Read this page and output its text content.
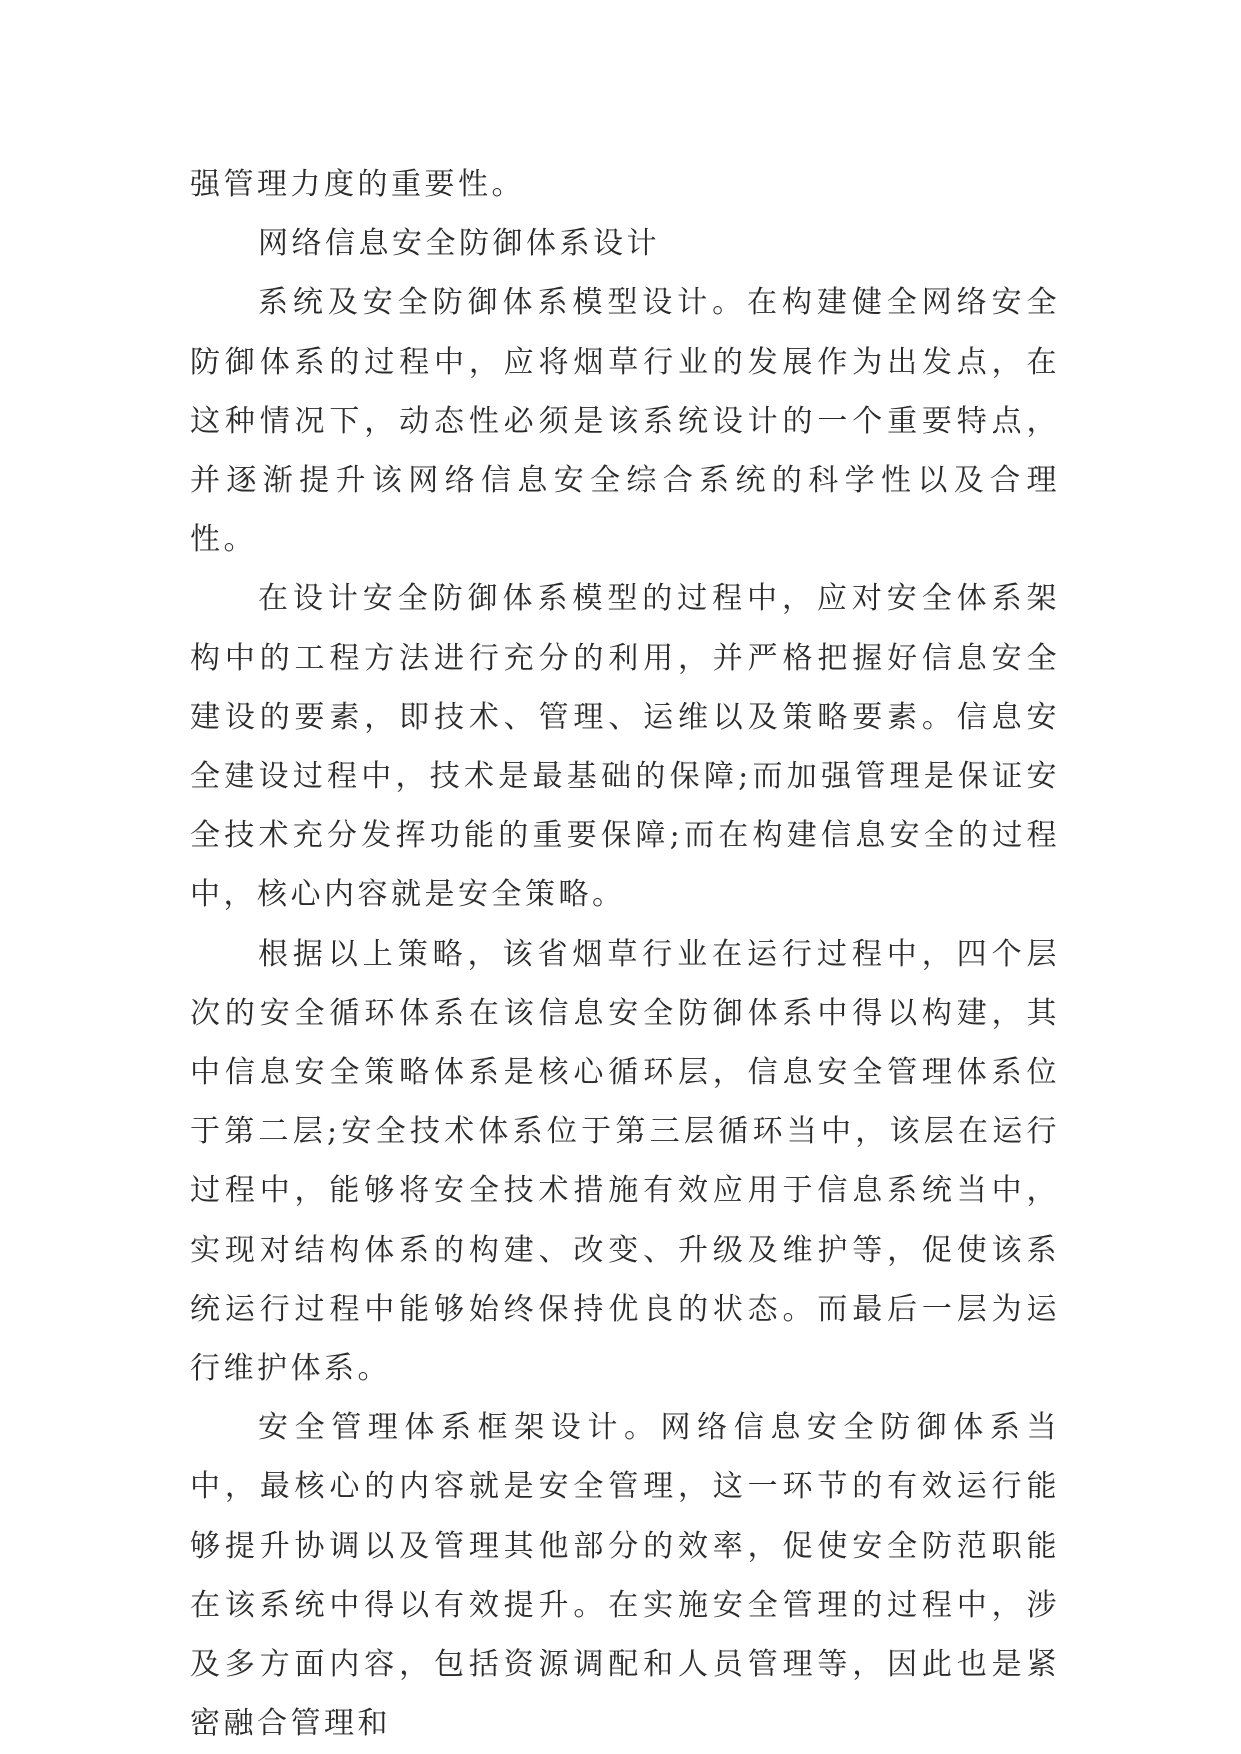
强管理力度的重要性。

网络信息安全防御体系设计

系统及安全防御体系模型设计。在构建健全网络安全防御体系的过程中，应将烟草行业的发展作为出发点，在这种情况下，动态性必须是该系统设计的一个重要特点，并逐渐提升该网络信息安全综合系统的科学性以及合理性。

在设计安全防御体系模型的过程中，应对安全体系架构中的工程方法进行充分的利用，并严格把握好信息安全建设的要素，即技术、管理、运维以及策略要素。信息安全建设过程中，技术是最基础的保障;而加强管理是保证安全技术充分发挥功能的重要保障;而在构建信息安全的过程中，核心内容就是安全策略。

根据以上策略，该省烟草行业在运行过程中，四个层次的安全循环体系在该信息安全防御体系中得以构建，其中信息安全策略体系是核心循环层，信息安全管理体系位于第二层;安全技术体系位于第三层循环当中，该层在运行过程中，能够将安全技术措施有效应用于信息系统当中，实现对结构体系的构建、改变、升级及维护等，促使该系统运行过程中能够始终保持优良的状态。而最后一层为运行维护体系。

安全管理体系框架设计。网络信息安全防御体系当中，最核心的内容就是安全管理，这一环节的有效运行能够提升协调以及管理其他部分的效率，促使安全防范职能在该系统中得以有效提升。在实施安全管理的过程中，涉及多方面内容，包括资源调配和人员管理等，因此也是紧密融合管理和
